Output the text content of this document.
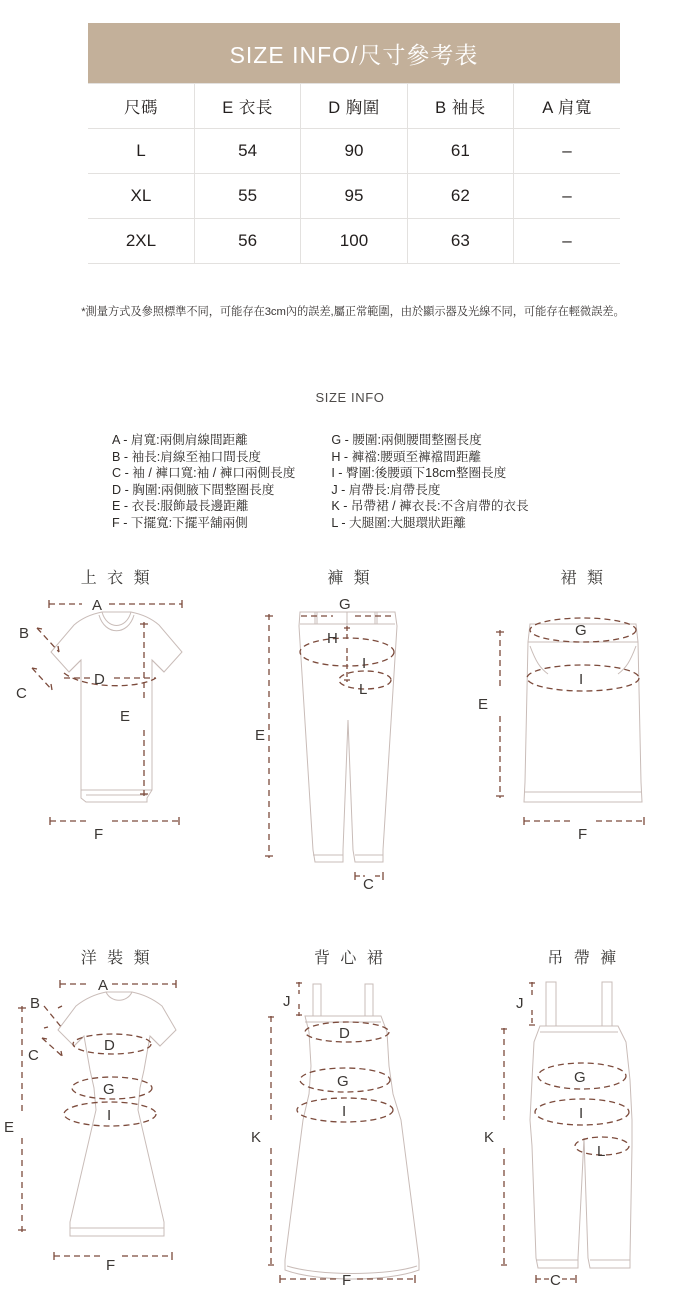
SIZE INFO/尺寸參考表
尺碼	E 衣長	D 胸圍	B 袖長	A 肩寬
L	54	90	61	–
XL	55	95	62	–
2XL	56	100	63	–
*測量方式及參照標準不同，可能存在3cm內的誤差,屬正常範圍，由於顯示器及光線不同，可能存在輕微誤差。
SIZE INFO
A - 肩寬:兩側肩線間距離
B - 袖長:肩線至袖口間長度
C - 袖 / 褲口寬:袖 / 褲口兩側長度
D - 胸圍:兩側腋下間整圈長度
E - 衣長:服飾最長邊距離
F - 下擺寬:下擺平舖兩側
G - 腰圍:兩側腰間整圈長度
H - 褲襠:腰頭至褲襠間距離
I - 臀圍:後腰頭下18cm整圈長度
J - 肩帶長:肩帶長度
K - 吊帶裙 / 褲衣長:不含肩帶的衣長
L - 大腿圍:大腿環狀距離
上 衣 類
A
B
C
D
E
F
褲 類
G
H
I
L
E
C
裙 類
G
I
E
F
洋 裝 類
A
B
C
D
G
I
E
F
背 心 裙
J
D
G
I
K
F
吊 帶 褲
J
G
I
L
K
C
